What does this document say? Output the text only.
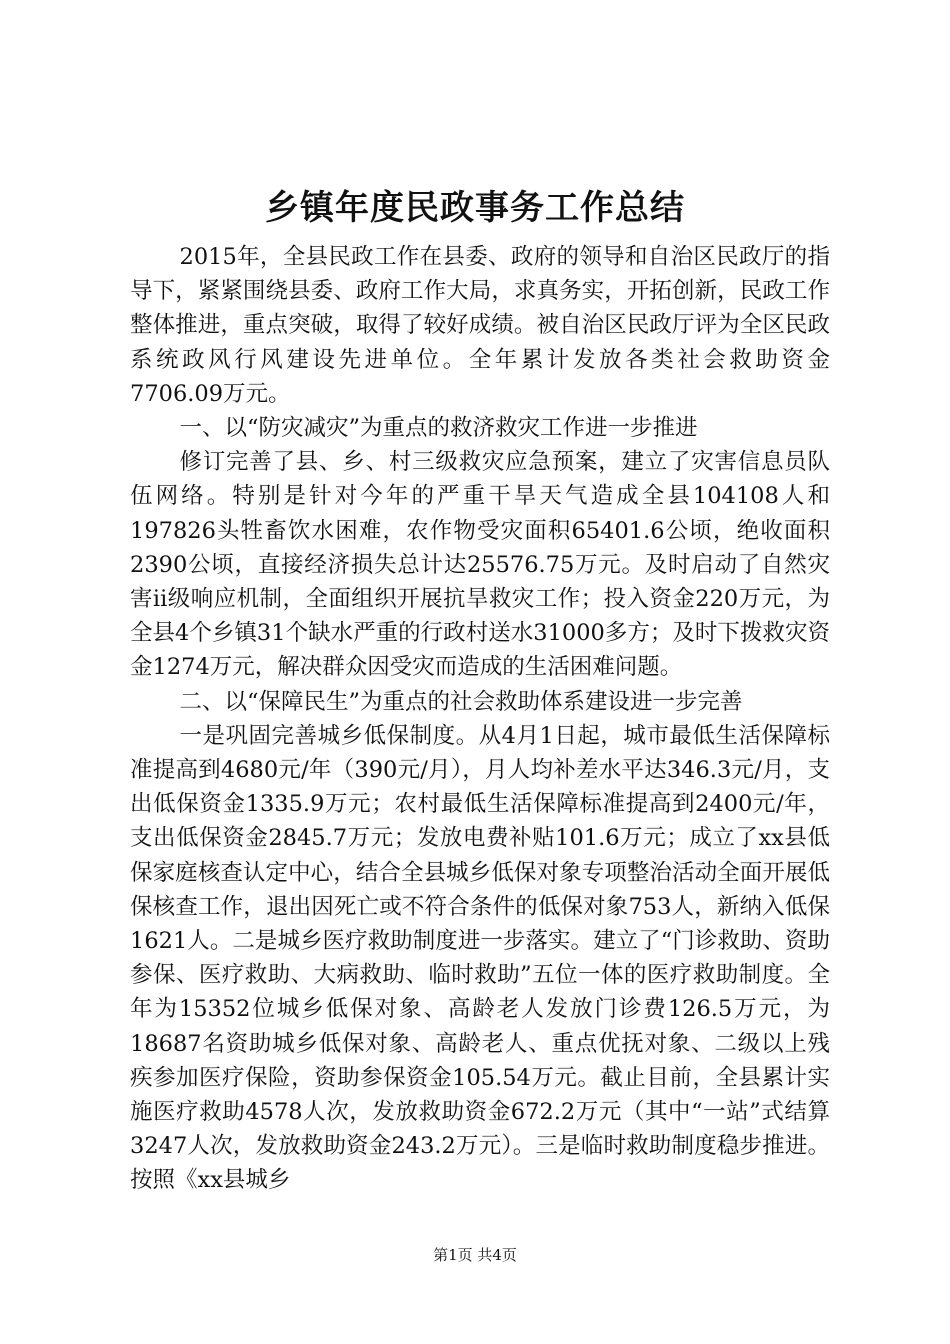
乡镇年度民政事务工作总结

2015年，全县民政工作在县委、政府的领导和自治区民政厅的指导下，紧紧围绕县委、政府工作大局，求真务实，开拓创新，民政工作整体推进，重点突破，取得了较好成绩。被自治区民政厅评为全区民政系统政风行风建设先进单位。全年累计发放各类社会救助资金7706.09万元。

一、以“防灾减灾”为重点的救济救灾工作进一步推进

修订完善了县、乡、村三级救灾应急预案，建立了灾害信息员队伍网络。特别是针对今年的严重干旱天气造成全县104108人和197826头牲畜饮水困难，农作物受灾面积65401.6公顷，绝收面积2390公顷，直接经济损失总计达25576.75万元。及时启动了自然灾害ii级响应机制，全面组织开展抗旱救灾工作；投入资金220万元，为全县4个乡镇31个缺水严重的行政村送水31000多方；及时下拨救灾资金1274万元，解决群众因受灾而造成的生活困难问题。

二、以“保障民生”为重点的社会救助体系建设进一步完善

一是巩固完善城乡低保制度。从4月1日起，城市最低生活保障标准提高到4680元/年（390元/月），月人均补差水平达346.3元/月，支出低保资金1335.9万元；农村最低生活保障标准提高到2400元/年，支出低保资金2845.7万元；发放电费补贴101.6万元；成立了xx县低保家庭核查认定中心，结合全县城乡低保对象专项整治活动全面开展低保核查工作，退出因死亡或不符合条件的低保对象753人，新纳入低保1621人。二是城乡医疗救助制度进一步落实。建立了“门诊救助、资助参保、医疗救助、大病救助、临时救助”五位一体的医疗救助制度。全年为15352位城乡低保对象、高龄老人发放门诊费126.5万元，为18687名资助城乡低保对象、高龄老人、重点优抚对象、二级以上残疾参加医疗保险，资助参保资金105.54万元。截止目前，全县累计实施医疗救助4578人次，发放救助资金672.2万元（其中“一站”式结算3247人次，发放救助资金243.2万元）。三是临时救助制度稳步推进。按照《xx县城乡

第1页 共4页
